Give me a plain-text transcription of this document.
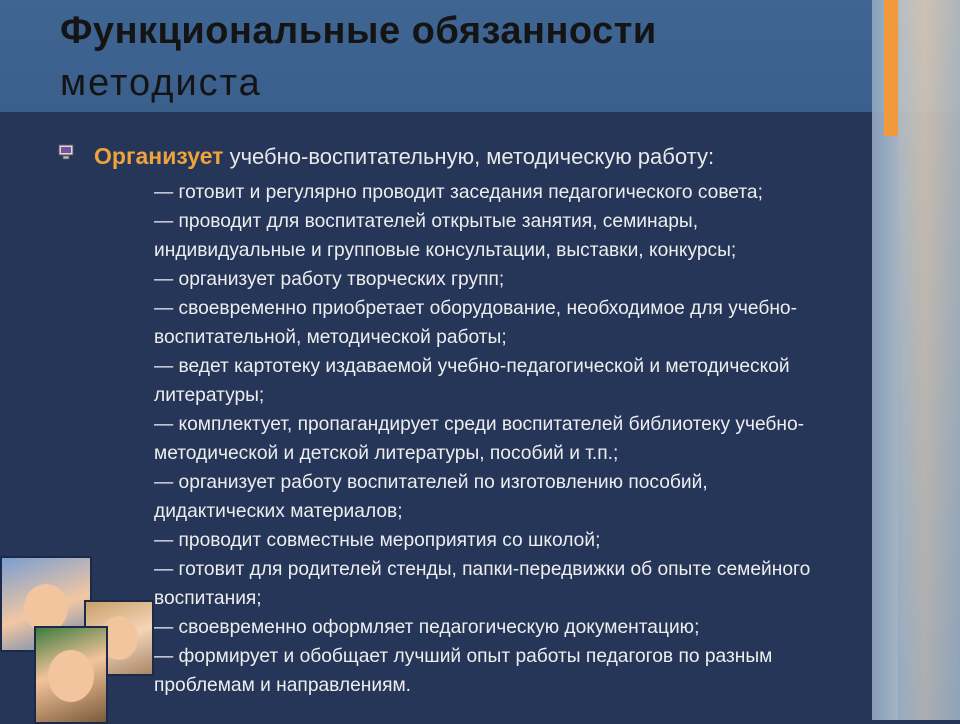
Функциональные обязанности
методиста
Организует учебно-воспитательную, методическую работу:
— готовит и регулярно проводит заседания педагогического совета;
— проводит для воспитателей открытые занятия, семинары,
индивидуальные и групповые консультации, выставки, конкурсы;
— организует работу творческих групп;
— своевременно приобретает оборудование, необходимое для учебно-
воспитательной, методической работы;
— ведет картотеку издаваемой учебно-педагогической и методической
литературы;
— комплектует, пропагандирует среди воспитателей библиотеку учебно-
методической и детской литературы, пособий и т.п.;
— организует работу воспитателей по изготовлению пособий,
дидактических материалов;
— проводит совместные мероприятия со школой;
— готовит для родителей стенды, папки-передвижки об опыте семейного
воспитания;
— своевременно оформляет педагогическую документацию;
— формирует и обобщает лучший опыт работы педагогов по разным
проблемам и направлениям.
